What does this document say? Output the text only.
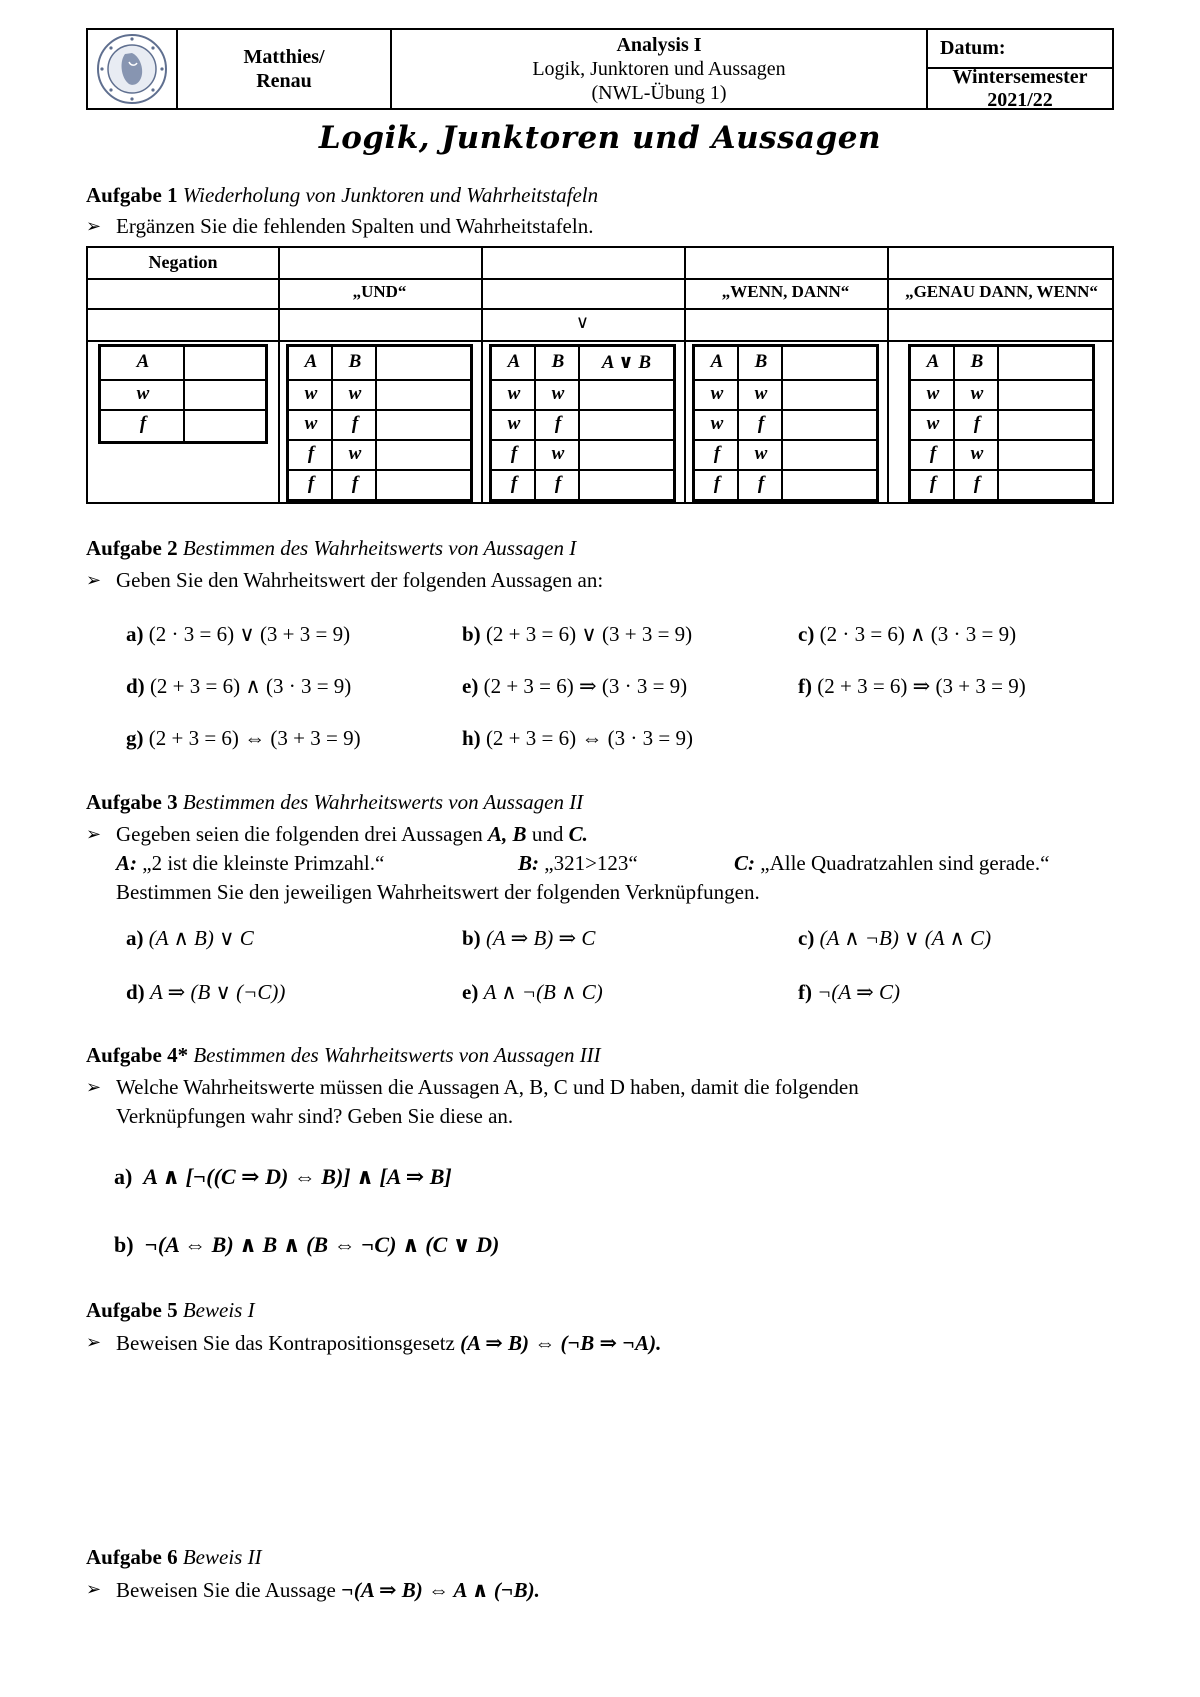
Matthies/
Renau
Analysis I
Logik, Junktoren und Aussagen
(NWL-Übung 1)
Datum:
Wintersemester 2021/22
Logik, Junktoren und Aussagen
Aufgabe 1 Wiederholung von Junktoren und Wahrheitstafeln
➢ Ergänzen Sie die fehlenden Spalten und Wahrheitstafeln.
Negation
„UND“
∨
„WENN, DANN“	„GENAU DANN, WENN“
A
w
f
A	B
w	w
w	f
f	w
f	f
A	B	A ∨ B
w	w
w	f
f	w
f	f
A	B
w	w
w	f
f	w
f	f
A	B
w	w
w	f
f	w
f	f
Aufgabe 2 Bestimmen des Wahrheitswerts von Aussagen I
➢ Geben Sie den Wahrheitswert der folgenden Aussagen an:
a) (2 · 3 = 6) ∨ (3 + 3 = 9)	b) (2 + 3 = 6) ∨ (3 + 3 = 9)	c) (2 · 3 = 6) ∧ (3 · 3 = 9)
d) (2 + 3 = 6) ∧ (3 · 3 = 9)	e) (2 + 3 = 6) ⇒ (3 · 3 = 9)	f) (2 + 3 = 6) ⇒ (3 + 3 = 9)
g) (2 + 3 = 6) ⇔ (3 + 3 = 9)	h) (2 + 3 = 6) ⇔ (3 · 3 = 9)
Aufgabe 3 Bestimmen des Wahrheitswerts von Aussagen II
➢ Gegeben seien die folgenden drei Aussagen A, B und C.
A: „2 ist die kleinste Primzahl.“	B: „321>123“	C: „Alle Quadratzahlen sind gerade.“
Bestimmen Sie den jeweiligen Wahrheitswert der folgenden Verknüpfungen.
a) (A ∧ B) ∨ C	b) (A ⇒ B) ⇒ C	c) (A ∧ ¬B) ∨ (A ∧ C)
d) A ⇒ (B ∨ (¬C))	e) A ∧ ¬(B ∧ C)	f) ¬(A ⇒ C)
Aufgabe 4* Bestimmen des Wahrheitswerts von Aussagen III
➢ Welche Wahrheitswerte müssen die Aussagen A, B, C und D haben, damit die folgenden
Verknüpfungen wahr sind? Geben Sie diese an.
a) A ∧ [¬((C ⇒ D) ⇔ B)] ∧ [A ⇒ B]
b) ¬(A ⇔ B) ∧ B ∧ (B ⇔ ¬C) ∧ (C ∨ D)
Aufgabe 5 Beweis I
➢ Beweisen Sie das Kontrapositionsgesetz (A ⇒ B) ⇔ (¬B ⇒ ¬A).
Aufgabe 6 Beweis II
➢ Beweisen Sie die Aussage ¬(A ⇒ B) ⇔ A ∧ (¬B).
